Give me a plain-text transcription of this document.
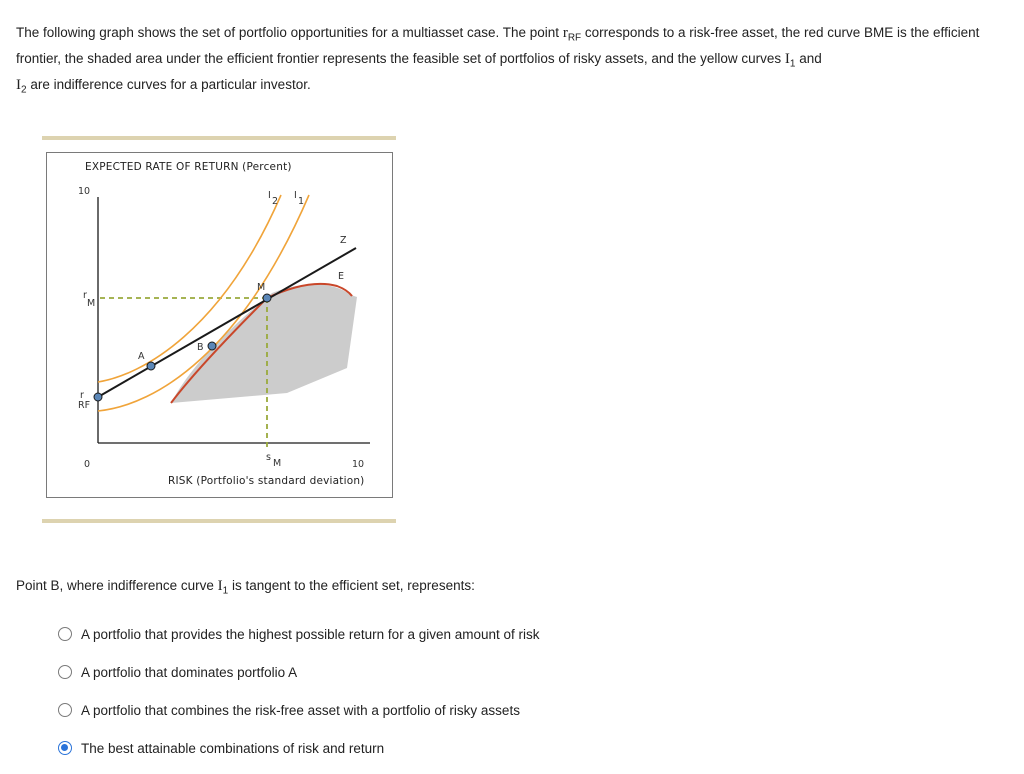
The following graph shows the set of portfolio opportunities for a multiasset case. The point $r_{RF}$ corresponds to a risk-free asset, the red curve BME is the efficient frontier, the shaded area under the efficient frontier represents the feasible set of portfolios of risky assets, and the yellow curves $I_1$ and
$I_2$ are indifference curves for a particular investor.
EXPECTED RATE OF RETURN (Percent)
RISK (Portfolio's standard deviation)
10
0	10
r
M
r
RF
s
M
I
2
I
1
Z
E
M
A
B
Point B, where indifference curve $I_1$ is tangent to the efficient set, represents:
A portfolio that provides the highest possible return for a given amount of risk
A portfolio that dominates portfolio A
A portfolio that combines the risk-free asset with a portfolio of risky assets
The best attainable combinations of risk and return
